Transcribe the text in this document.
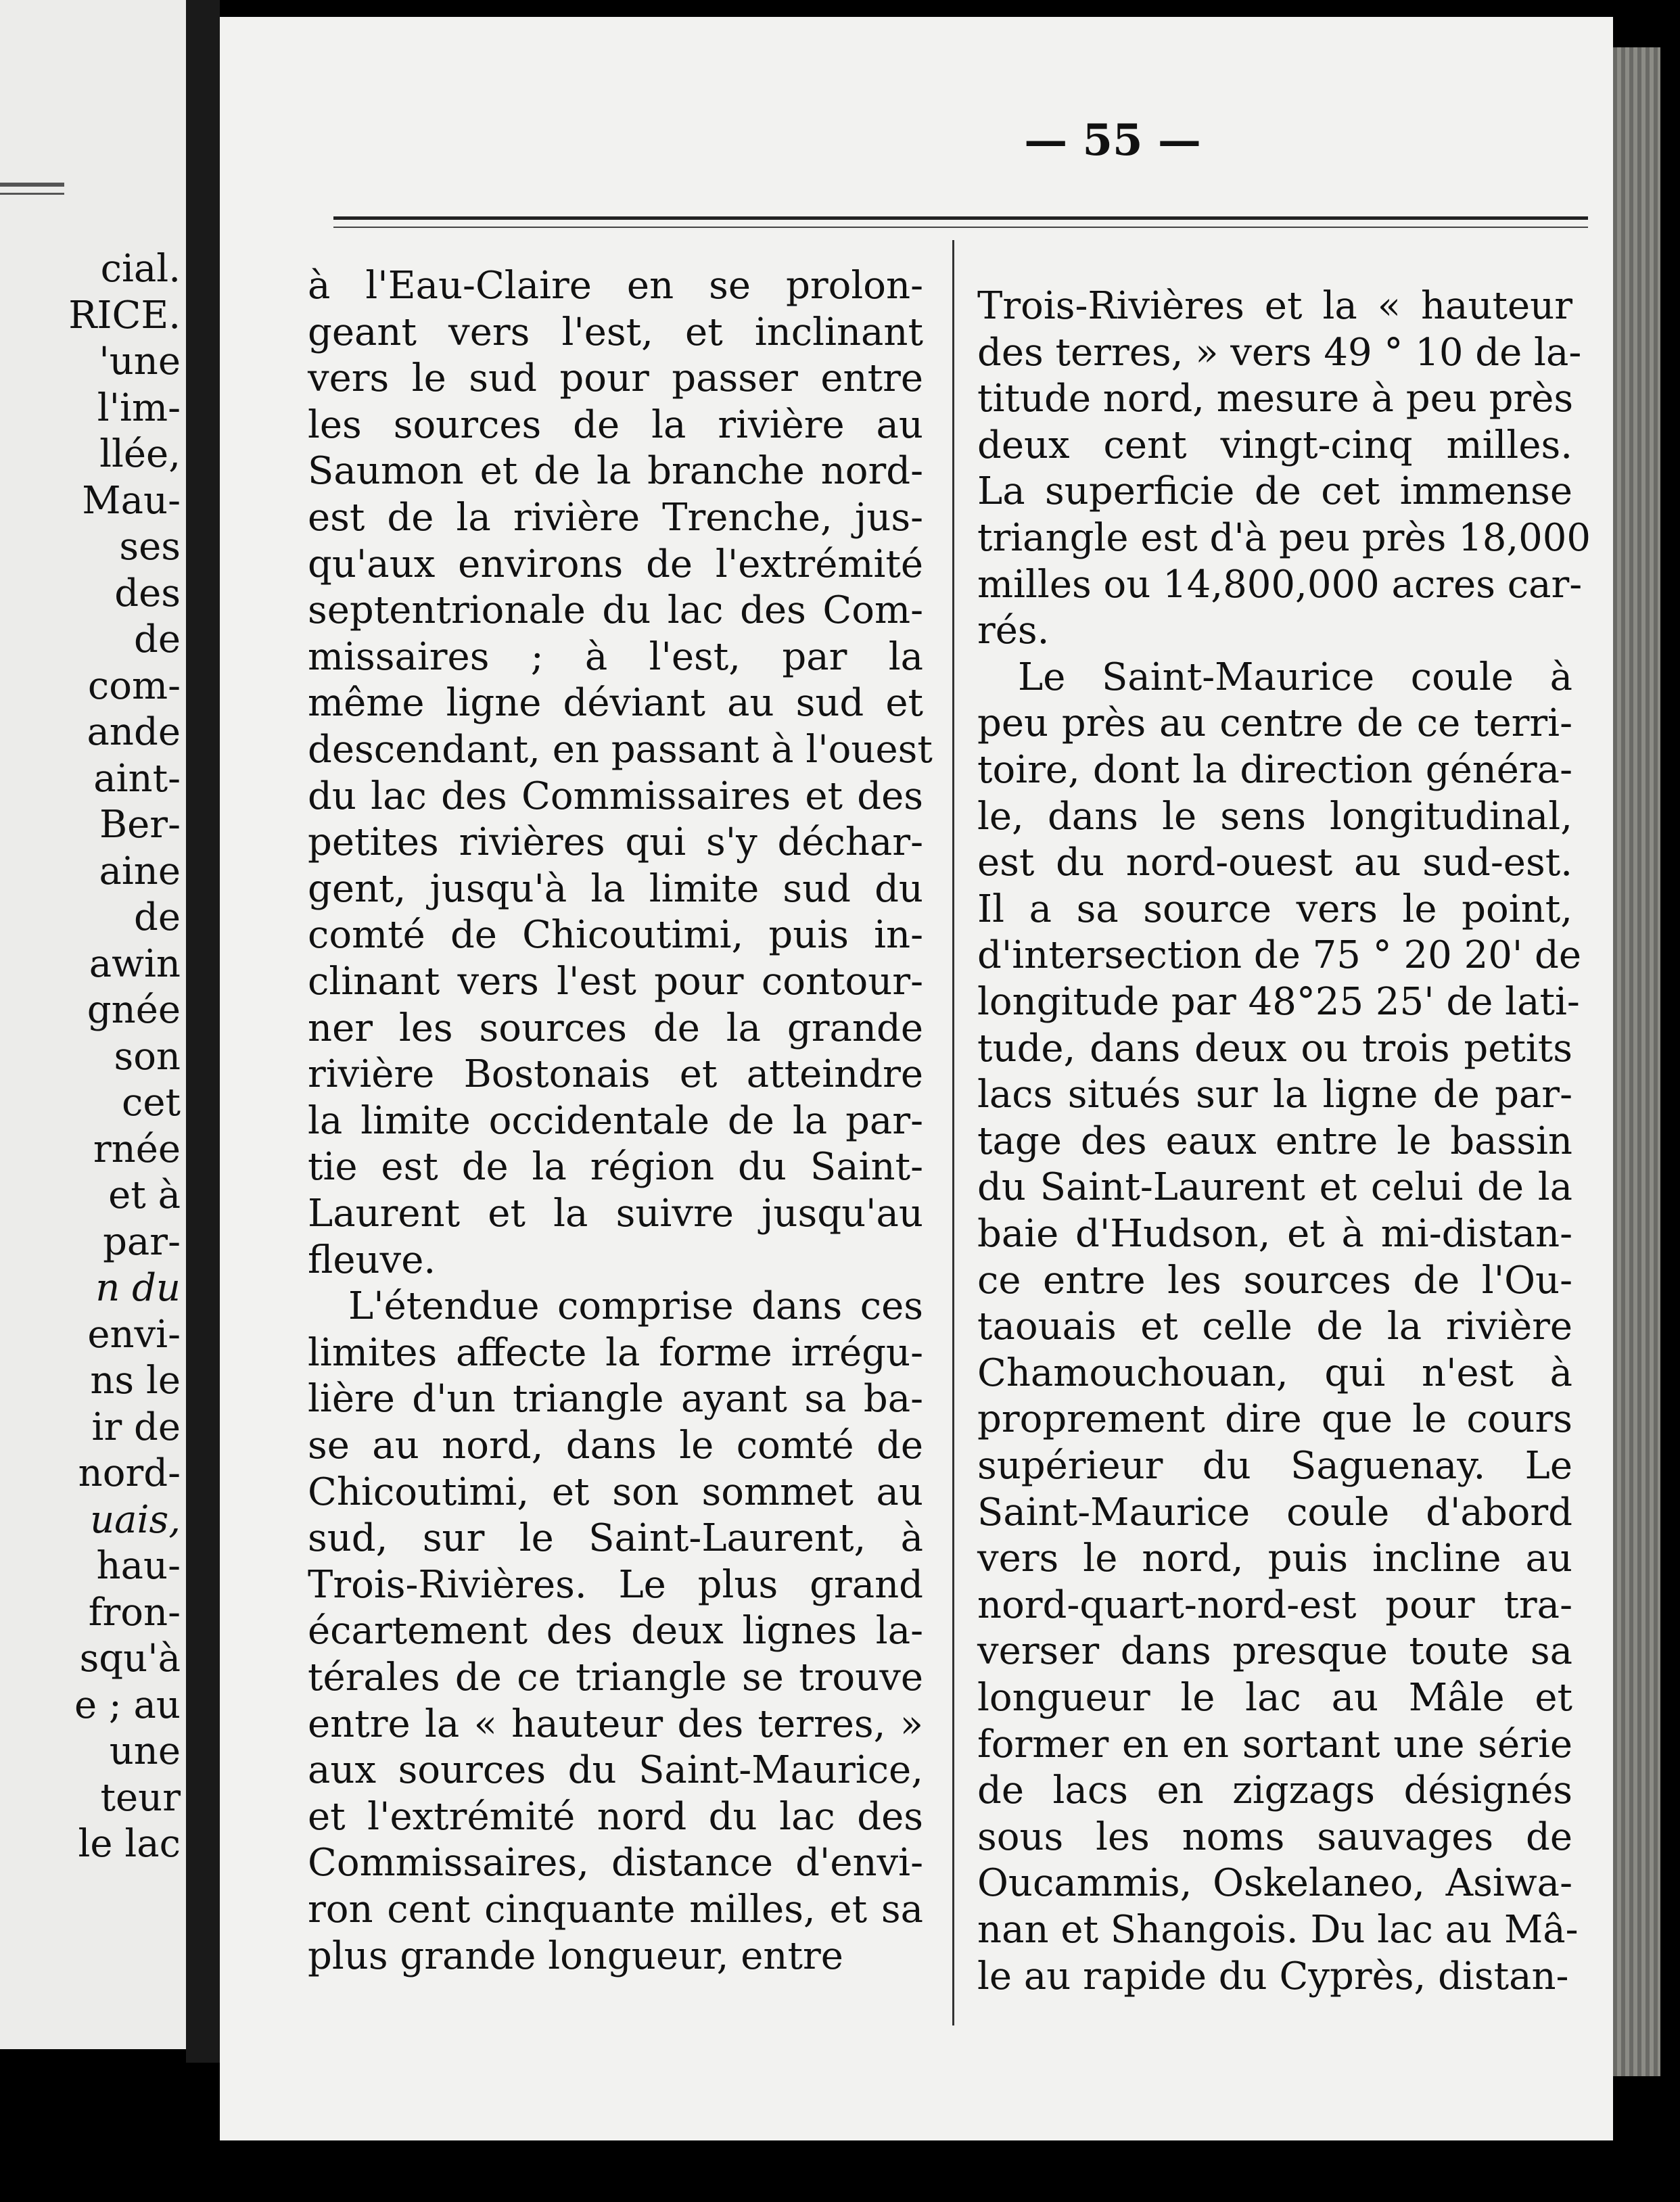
cial.
RICE.
'une
l'im-
llée,
Mau-
ses
des
de
com-
ande
aint-
Ber-
aine
de
awin
gnée
son
cet
rnée
et à
par-
n du
envi-
ns le
ir de
nord-
uais,
hau-
fron-
squ'à
e ; au
une
teur
le lac
— 55 —
à l'Eau-Claire en se prolon-
geant vers l'est, et inclinant
vers le sud pour passer entre
les sources de la rivière au
Saumon et de la branche nord-
est de la rivière Trenche, jus-
qu'aux environs de l'extrémité
septentrionale du lac des Com-
missaires ; à l'est, par la
même ligne déviant au sud et
descendant, en passant à l'ouest
du lac des Commissaires et des
petites rivières qui s'y déchar-
gent, jusqu'à la limite sud du
comté de Chicoutimi, puis in-
clinant vers l'est pour contour-
ner les sources de la grande
rivière Bostonais et atteindre
la limite occidentale de la par-
tie est de la région du Saint-
Laurent et la suivre jusqu'au
fleuve.
L'étendue comprise dans ces
limites affecte la forme irrégu-
lière d'un triangle ayant sa ba-
se au nord, dans le comté de
Chicoutimi, et son sommet au
sud, sur le Saint-Laurent, à
Trois-Rivières. Le plus grand
écartement des deux lignes la-
térales de ce triangle se trouve
entre la « hauteur des terres, »
aux sources du Saint-Maurice,
et l'extrémité nord du lac des
Commissaires, distance d'envi-
ron cent cinquante milles, et sa
plus grande longueur, entre
Trois-Rivières et la « hauteur
des terres, » vers 49 ° 10 de la-
titude nord, mesure à peu près
deux cent vingt-cinq milles.
La superficie de cet immense
triangle est d'à peu près 18,000
milles ou 14,800,000 acres car-
rés.
Le Saint-Maurice coule à
peu près au centre de ce terri-
toire, dont la direction généra-
le, dans le sens longitudinal,
est du nord-ouest au sud-est.
Il a sa source vers le point,
d'intersection de 75 ° 20 20' de
longitude par 48°25 25' de lati-
tude, dans deux ou trois petits
lacs situés sur la ligne de par-
tage des eaux entre le bassin
du Saint-Laurent et celui de la
baie d'Hudson, et à mi-distan-
ce entre les sources de l'Ou-
taouais et celle de la rivière
Chamouchouan, qui n'est à
proprement dire que le cours
supérieur du Saguenay. Le
Saint-Maurice coule d'abord
vers le nord, puis incline au
nord-quart-nord-est pour tra-
verser dans presque toute sa
longueur le lac au Mâle et
former en en sortant une série
de lacs en zigzags désignés
sous les noms sauvages de
Oucammis, Oskelaneo, Asiwa-
nan et Shangois. Du lac au Mâ-
le au rapide du Cyprès, distan-
